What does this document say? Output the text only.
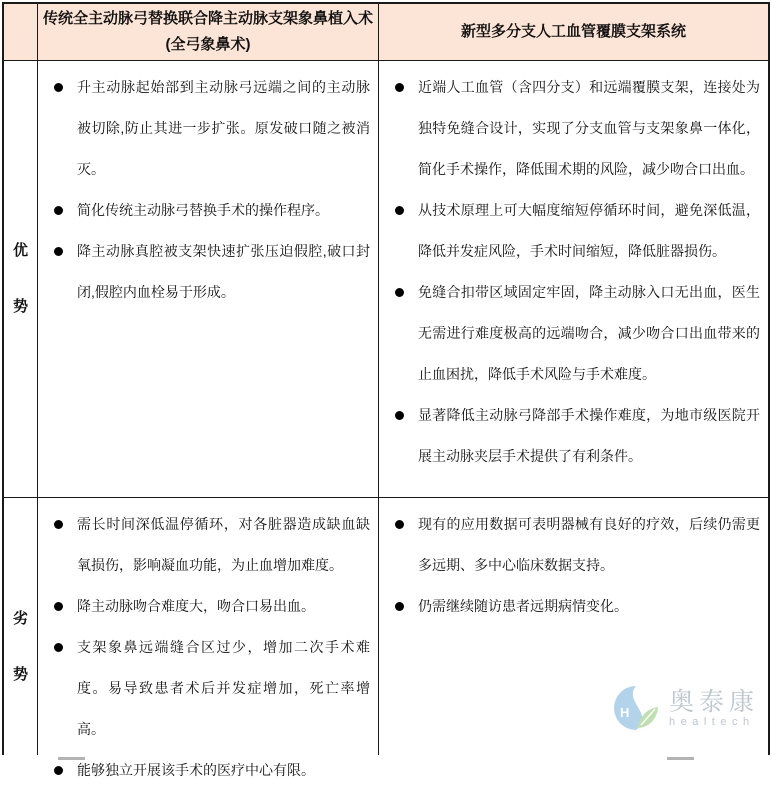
传统全主动脉弓替换联合降主动脉支架象鼻植入术
(全弓象鼻术)
新型多分支人工血管覆膜支架系统
优势
升主动脉起始部到主动脉弓远端之间的主动脉被切除,防止其进一步扩张。原发破口随之被消灭。
简化传统主动脉弓替换手术的操作程序。
降主动脉真腔被支架快速扩张压迫假腔,破口封闭,假腔内血栓易于形成。
近端人工血管（含四分支）和远端覆膜支架，连接处为独特免缝合设计，实现了分支血管与支架象鼻一体化，简化手术操作，降低围术期的风险，减少吻合口出血。
从技术原理上可大幅度缩短停循环时间，避免深低温，降低并发症风险，手术时间缩短，降低脏器损伤。
免缝合扣带区域固定牢固，降主动脉入口无出血，医生无需进行难度极高的远端吻合，减少吻合口出血带来的止血困扰，降低手术风险与手术难度。
显著降低主动脉弓降部手术操作难度，为地市级医院开展主动脉夹层手术提供了有利条件。
劣势
需长时间深低温停循环，对各脏器造成缺血缺氧损伤，影响凝血功能，为止血增加难度。
降主动脉吻合难度大，吻合口易出血。
支架象鼻远端缝合区过少，增加二次手术难度。易导致患者术后并发症增加，死亡率增高。
能够独立开展该手术的医疗中心有限。
现有的应用数据可表明器械有良好的疗效，后续仍需更多远期、多中心临床数据支持。
仍需继续随访患者远期病情变化。
H
C 奥泰康
healtech
